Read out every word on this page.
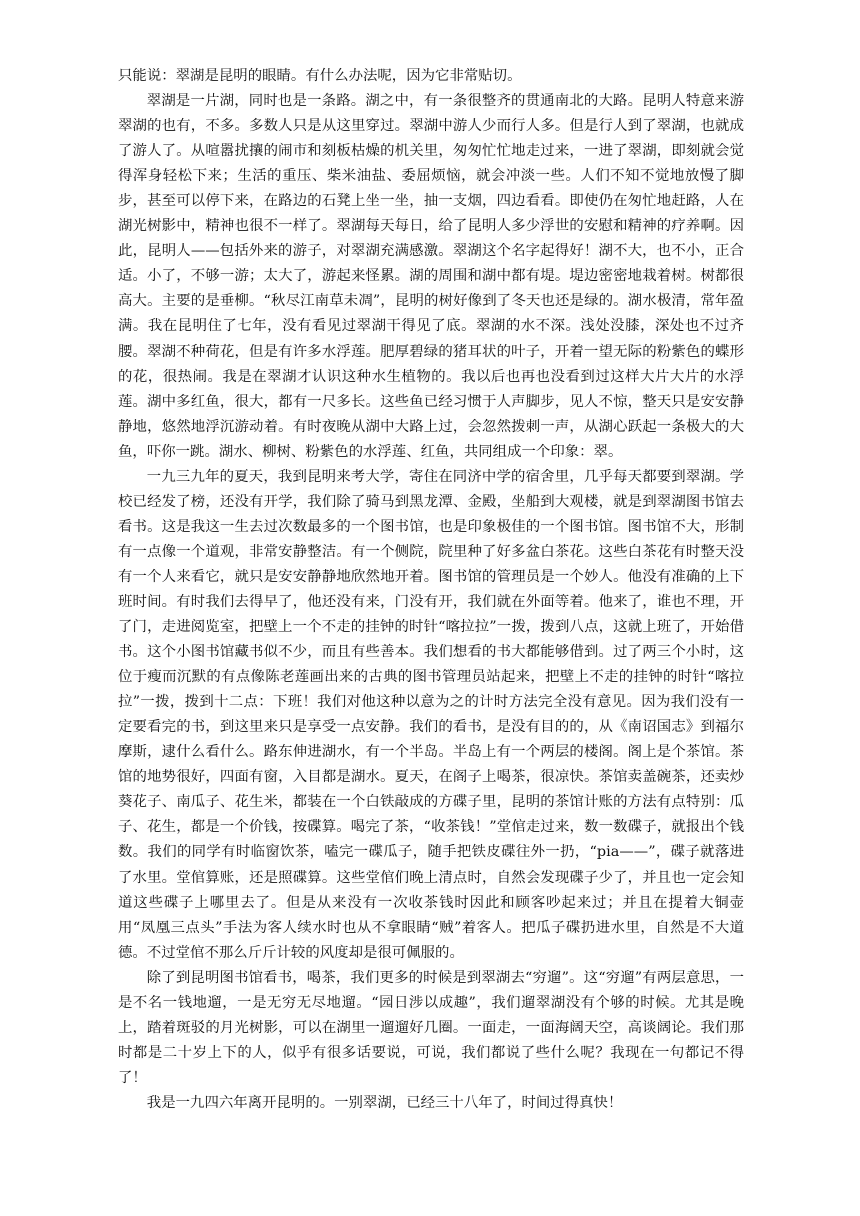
只能说：翠湖是昆明的眼睛。有什么办法呢，因为它非常贴切。

翠湖是一片湖，同时也是一条路。湖之中，有一条很整齐的贯通南北的大路。昆明人特意来游翠湖的也有，不多。多数人只是从这里穿过。翠湖中游人少而行人多。但是行人到了翠湖，也就成了游人了。从喧嚣扰攘的闹市和刻板枯燥的机关里，匆匆忙忙地走过来，一进了翠湖，即刻就会觉得浑身轻松下来；生活的重压、柴米油盐、委屈烦恼，就会冲淡一些。人们不知不觉地放慢了脚步，甚至可以停下来，在路边的石凳上坐一坐，抽一支烟，四边看看。即使仍在匆忙地赶路，人在湖光树影中，精神也很不一样了。翠湖每天每日，给了昆明人多少浮世的安慰和精神的疗养啊。因此，昆明人——包括外来的游子，对翠湖充满感激。翠湖这个名字起得好！湖不大，也不小，正合适。小了，不够一游；太大了，游起来怪累。湖的周围和湖中都有堤。堤边密密地栽着树。树都很高大。主要的是垂柳。“秋尽江南草未凋”，昆明的树好像到了冬天也还是绿的。湖水极清，常年盈满。我在昆明住了七年，没有看见过翠湖干得见了底。翠湖的水不深。浅处没膝，深处也不过齐腰。翠湖不种荷花，但是有许多水浮莲。肥厚碧绿的猪耳状的叶子，开着一望无际的粉紫色的蝶形的花，很热闹。我是在翠湖才认识这种水生植物的。我以后也再也没看到过这样大片大片的水浮莲。湖中多红鱼，很大，都有一尺多长。这些鱼已经习惯于人声脚步，见人不惊，整天只是安安静静地，悠然地浮沉游动着。有时夜晚从湖中大路上过，会忽然拨刺一声，从湖心跃起一条极大的大鱼，吓你一跳。湖水、柳树、粉紫色的水浮莲、红鱼，共同组成一个印象：翠。

一九三九年的夏天，我到昆明来考大学，寄住在同济中学的宿舍里，几乎每天都要到翠湖。学校已经发了榜，还没有开学，我们除了骑马到黑龙潭、金殿，坐船到大观楼，就是到翠湖图书馆去看书。这是我这一生去过次数最多的一个图书馆，也是印象极佳的一个图书馆。图书馆不大，形制有一点像一个道观，非常安静整洁。有一个侧院，院里种了好多盆白茶花。这些白茶花有时整天没有一个人来看它，就只是安安静静地欣然地开着。图书馆的管理员是一个妙人。他没有准确的上下班时间。有时我们去得早了，他还没有来，门没有开，我们就在外面等着。他来了，谁也不理，开了门，走进阅览室，把壁上一个不走的挂钟的时针“喀拉拉”一拨，拨到八点，这就上班了，开始借书。这个小图书馆藏书似不少，而且有些善本。我们想看的书大都能够借到。过了两三个小时，这位于瘦而沉默的有点像陈老莲画出来的古典的图书管理员站起来，把壁上不走的挂钟的时针“喀拉拉”一拨，拨到十二点：下班！我们对他这种以意为之的计时方法完全没有意见。因为我们没有一定要看完的书，到这里来只是享受一点安静。我们的看书，是没有目的的，从《南诏国志》到福尔摩斯，逮什么看什么。路东伸进湖水，有一个半岛。半岛上有一个两层的楼阁。阁上是个茶馆。茶馆的地势很好，四面有窗，入目都是湖水。夏天，在阁子上喝茶，很凉快。茶馆卖盖碗茶，还卖炒葵花子、南瓜子、花生米，都装在一个白铁敲成的方碟子里，昆明的茶馆计账的方法有点特别：瓜子、花生，都是一个价钱，按碟算。喝完了茶，“收茶钱！”堂倌走过来，数一数碟子，就报出个钱数。我们的同学有时临窗饮茶，嗑完一碟瓜子，随手把铁皮碟往外一扔，“pia——”，碟子就落进了水里。堂倌算账，还是照碟算。这些堂倌们晚上清点时，自然会发现碟子少了，并且也一定会知道这些碟子上哪里去了。但是从来没有一次收茶钱时因此和顾客吵起来过；并且在提着大铜壶用“凤凰三点头”手法为客人续水时也从不拿眼睛“贼”着客人。把瓜子碟扔进水里，自然是不大道德。不过堂倌不那么斤斤计较的风度却是很可佩服的。

除了到昆明图书馆看书，喝茶，我们更多的时候是到翠湖去“穷遛”。这“穷遛”有两层意思，一是不名一钱地遛，一是无穷无尽地遛。“园日涉以成趣”，我们遛翠湖没有个够的时候。尤其是晚上，踏着斑驳的月光树影，可以在湖里一遛遛好几圈。一面走，一面海阔天空，高谈阔论。我们那时都是二十岁上下的人，似乎有很多话要说，可说，我们都说了些什么呢？我现在一句都记不得了！

我是一九四六年离开昆明的。一别翠湖，已经三十八年了，时间过得真快！
